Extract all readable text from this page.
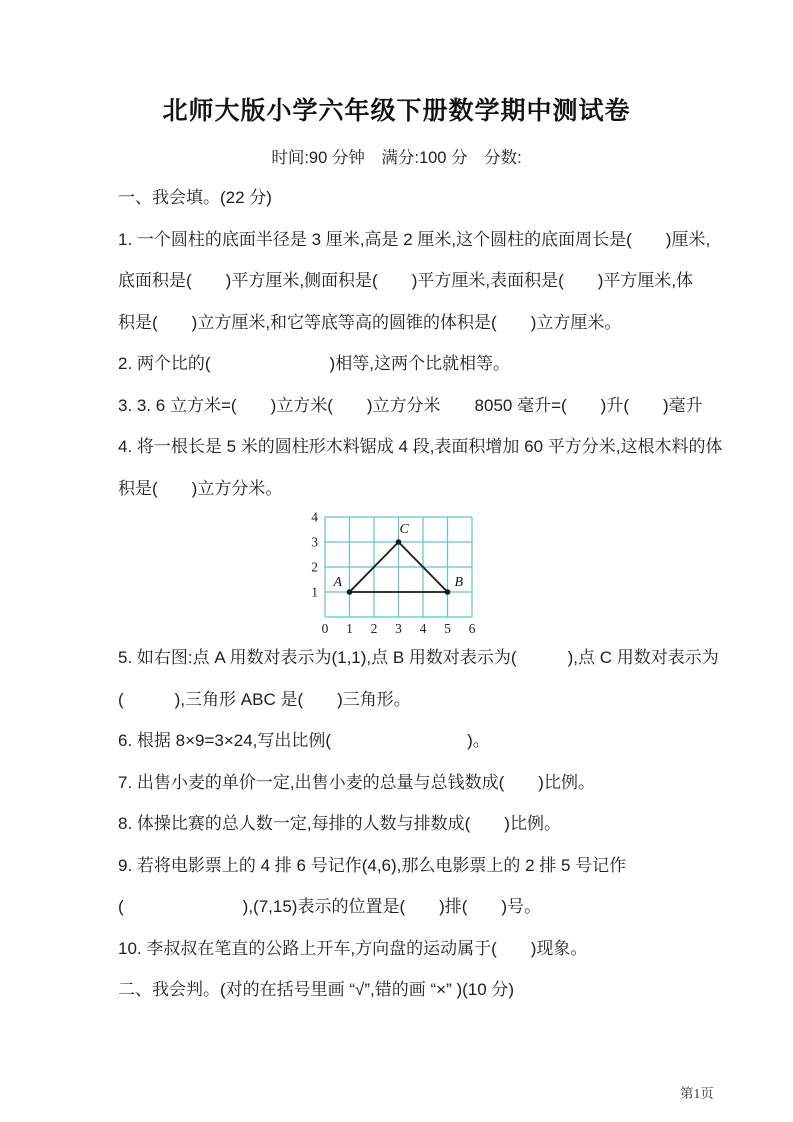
北师大版小学六年级下册数学期中测试卷
时间:90 分钟　满分:100 分　分数:
一、我会填。(22 分)
1. 一个圆柱的底面半径是 3 厘米,高是 2 厘米,这个圆柱的底面周长是(　　)厘米,
底面积是(　　)平方厘米,侧面积是(　　)平方厘米,表面积是(　　)平方厘米,体
积是(　　)立方厘米,和它等底等高的圆锥的体积是(　　)立方厘米。
2. 两个比的(　　　　　　　)相等,这两个比就相等。
3. 3. 6 立方米=(　　)立方米(　　)立方分米　　8050 毫升=(　　)升(　　)毫升
4. 将一根长是 5 米的圆柱形木料锯成 4 段,表面积增加 60 平方分米,这根木料的体
积是(　　)立方分米。
A	B
C
0 1 2 3 4 5 6
1
2
3
4
5. 如右图:点 A 用数对表示为(1,1),点 B 用数对表示为(　　　),点 C 用数对表示为
(　　　),三角形 ABC 是(　　)三角形。
6. 根据 8×9=3×24,写出比例(　　　　　　　　)。
7. 出售小麦的单价一定,出售小麦的总量与总钱数成(　　)比例。
8. 体操比赛的总人数一定,每排的人数与排数成(　　)比例。
9. 若将电影票上的 4 排 6 号记作(4,6),那么电影票上的 2 排 5 号记作
(　　　　　　　),(7,15)表示的位置是(　　)排(　　)号。
10. 李叔叔在笔直的公路上开车,方向盘的运动属于(　　)现象。
二、我会判。(对的在括号里画 “√”,错的画 “×” )(10 分)
第1页
